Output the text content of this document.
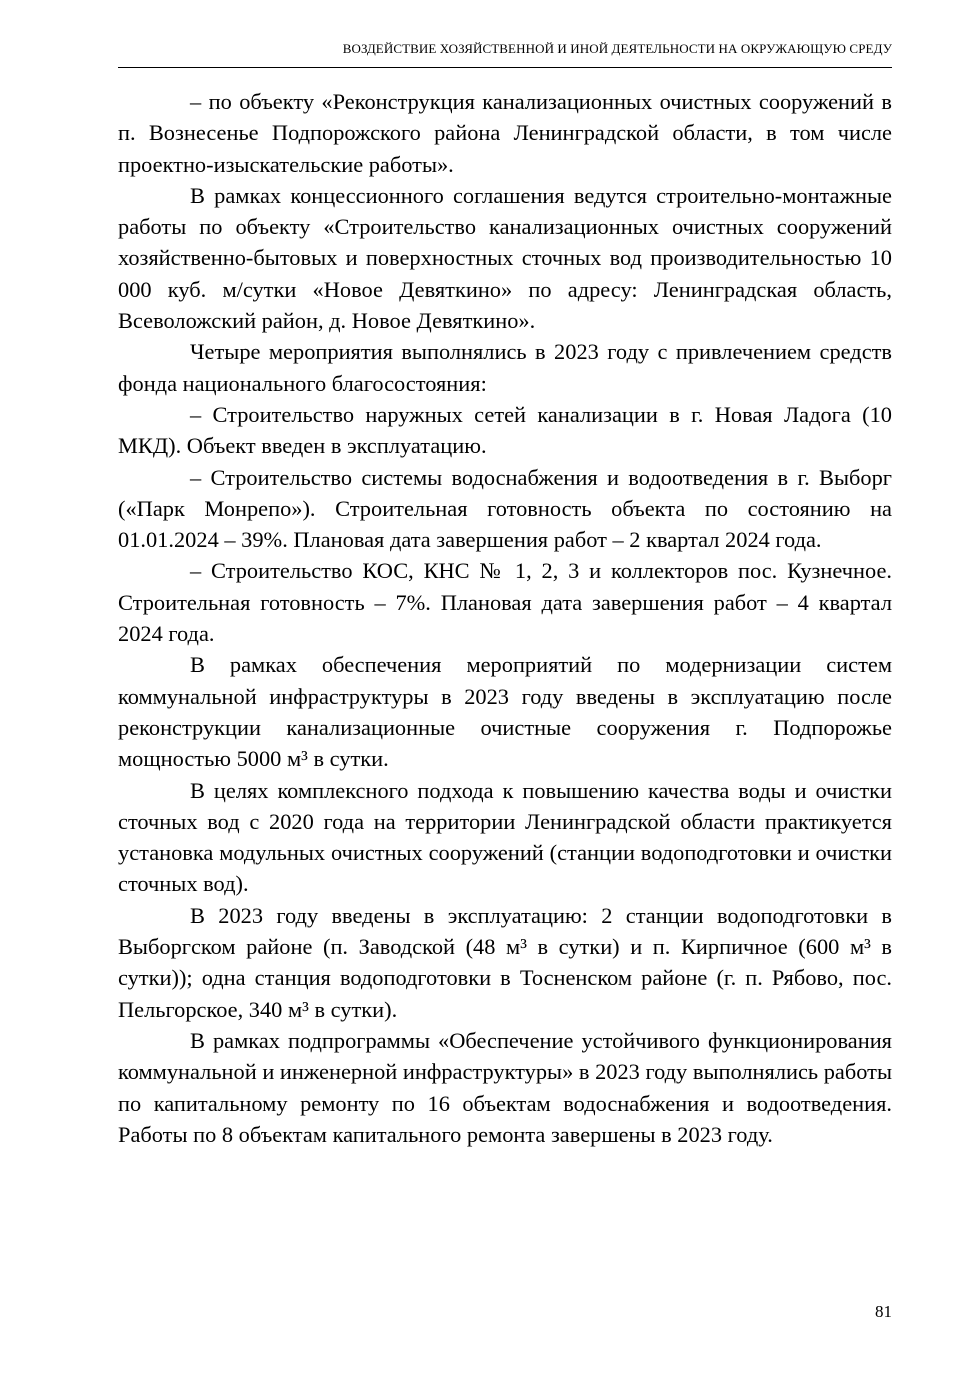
ВОЗДЕЙСТВИЕ ХОЗЯЙСТВЕННОЙ И ИНОЙ ДЕЯТЕЛЬНОСТИ НА ОКРУЖАЮЩУЮ СРЕДУ

– по объекту «Реконструкция канализационных очистных сооружений в п. Вознесенье Подпорожского района Ленинградской области, в том числе проектно-изыскательские работы».

В рамках концессионного соглашения ведутся строительно-монтажные работы по объекту «Строительство канализационных очистных сооружений хозяйственно-бытовых и поверхностных сточных вод производительностью 10 000 куб. м/сутки «Новое Девяткино» по адресу: Ленинградская область, Всеволожский район, д. Новое Девяткино».

Четыре мероприятия выполнялись в 2023 году с привлечением средств фонда национального благосостояния:

– Строительство наружных сетей канализации в г. Новая Ладога (10 МКД). Объект введен в эксплуатацию.

– Строительство системы водоснабжения и водоотведения в г. Выборг («Парк Монрепо»). Строительная готовность объекта по состоянию на 01.01.2024 – 39%. Плановая дата завершения работ – 2 квартал 2024 года.

– Строительство КОС, КНС № 1, 2, 3 и коллекторов пос. Кузнечное. Строительная готовность – 7%. Плановая дата завершения работ – 4 квартал 2024 года.

В рамках обеспечения мероприятий по модернизации систем коммунальной инфраструктуры в 2023 году введены в эксплуатацию после реконструкции канализационные очистные сооружения г. Подпорожье мощностью 5000 м³ в сутки.

В целях комплексного подхода к повышению качества воды и очистки сточных вод с 2020 года на территории Ленинградской области практикуется установка модульных очистных сооружений (станции водоподготовки и очистки сточных вод).

В 2023 году введены в эксплуатацию: 2 станции водоподготовки в Выборгском районе (п. Заводской (48 м³ в сутки) и п. Кирпичное (600 м³ в сутки)); одна станция водоподготовки в Тосненском районе (г. п. Рябово, пос. Пельгорское, 340 м³ в сутки).

В рамках подпрограммы «Обеспечение устойчивого функционирования коммунальной и инженерной инфраструктуры» в 2023 году выполнялись работы по капитальному ремонту по 16 объектам водоснабжения и водоотведения. Работы по 8 объектам капитального ремонта завершены в 2023 году.

81
